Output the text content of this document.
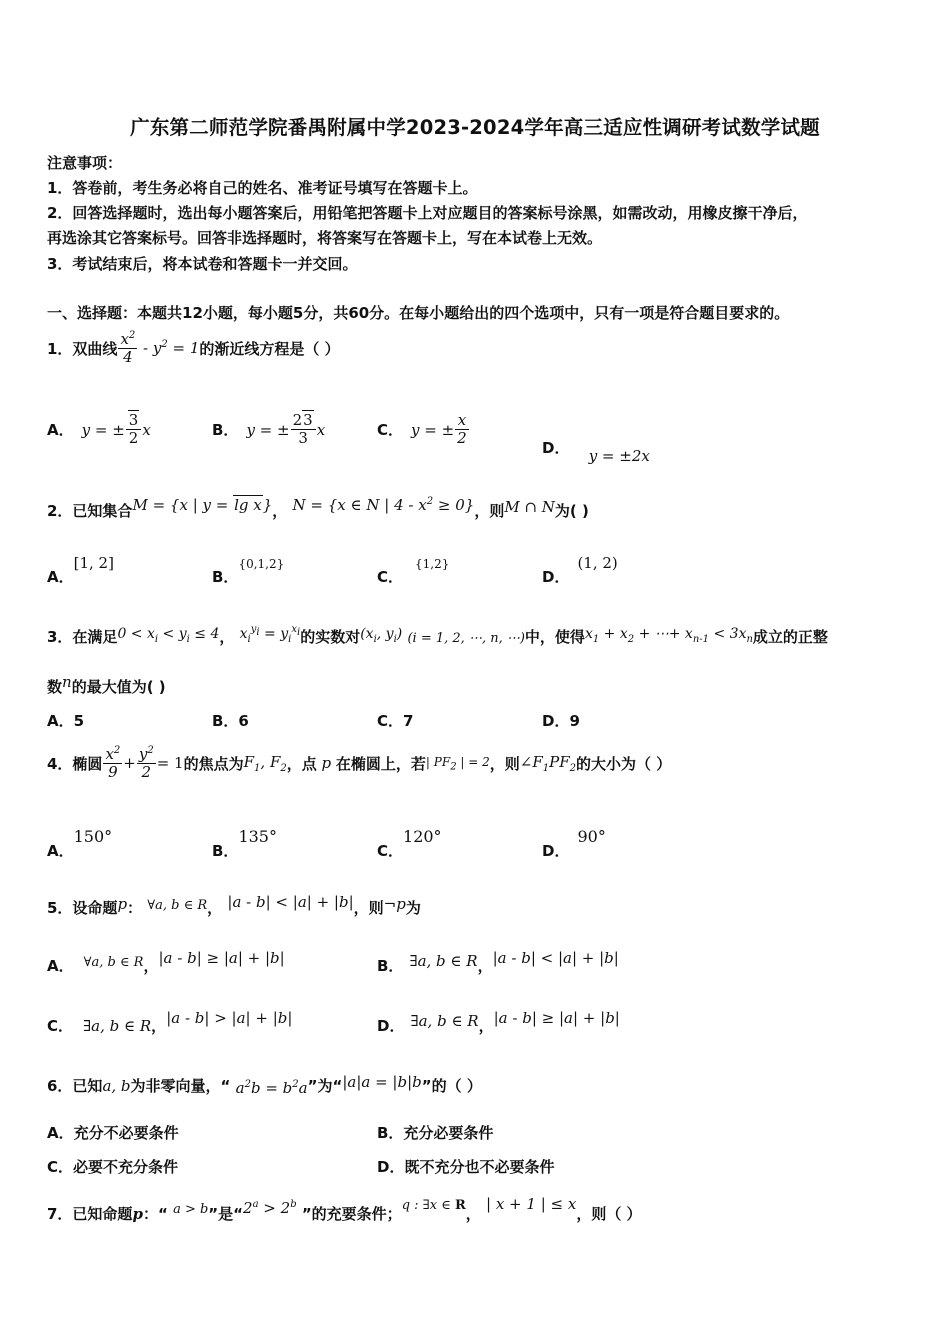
广东第二师范学院番禺附属中学2023-2024学年高三适应性调研考试数学试题
注意事项：
1．答卷前，考生务必将自己的姓名、准考证号填写在答题卡上。
2．回答选择题时，选出每小题答案后，用铅笔把答题卡上对应题目的答案标号涂黑，如需改动，用橡皮擦干净后，
再选涂其它答案标号。回答非选择题时，将答案写在答题卡上，写在本试卷上无效。
3．考试结束后，将本试卷和答题卡一并交回。
一、选择题：本题共12小题，每小题5分，共60分。在每小题给出的四个选项中，只有一项是符合题目要求的。
1．双曲线 $\frac{x^2}{4} - y^2 = 1$ 的渐近线方程是（ ）
A． y = ± $\frac{3}{2}$ x	B． y = ± $\frac{23}{3}$ x	C． y = ± $\frac{x}{2}$
D． y = ±2x
2．已知集合M = {x | y = lg x}， N = {x ∈ N | $4 - x^2 \ge 0$}，则M ∩ N为( )
A．[1, 2]
B．$^{\{0,1,2\}}$
C．$^{\{1,2\}}$
D．(1, 2)
3．在满足$0 < x_i < y_i \le 4$， $x_i^{y_i} = y_i^{x_i}$的实数对($x_i$, $y_i$) (i = 1, 2, ⋯, n, ⋯)中，使得$x_1 + x_2$ + ⋯+ $x_{n-1} < 3x_n$成立的正整
数n的最大值为( )
A．5	B．6	C．7	D．9
4．椭圆 $\frac{x^2}{9} + \frac{y^2}{2} = 1$ 的焦点为 $F_1$, $F_2$ ，点 p 在椭圆上，若 | $PF_2$ | = 2 ，则 $\angle F_1PF_2$ 的大小为（ ）
A．150°
B．135°
C．120°
D．90°
5．设命题p： ∀a, b ∈ R， |a - b| < |a| + |b|，则¬p为
A． ∀a, b ∈ R，|a - b| ≥ |a| + |b|	B． ∃a, b ∈ R，|a - b| < |a| + |b|
C． ∃a, b ∈ R，|a - b| > |a| + |b|	D． ∃a, b ∈ R，|a - b| ≥ |a| + |b|
6．已知a, b为非零向量，“ $a^2b = b^2a$”为“|a|a = |b|b”的（ ）
A．充分不必要条件	B．充分必要条件
C．必要不充分条件	D．既不充分也不必要条件
7．已知命题p：“ a > b”是“$2^a > 2^b$ ”的充要条件；q : ∃x ∈ R， | x + 1 | ≤ x，则（ ）
